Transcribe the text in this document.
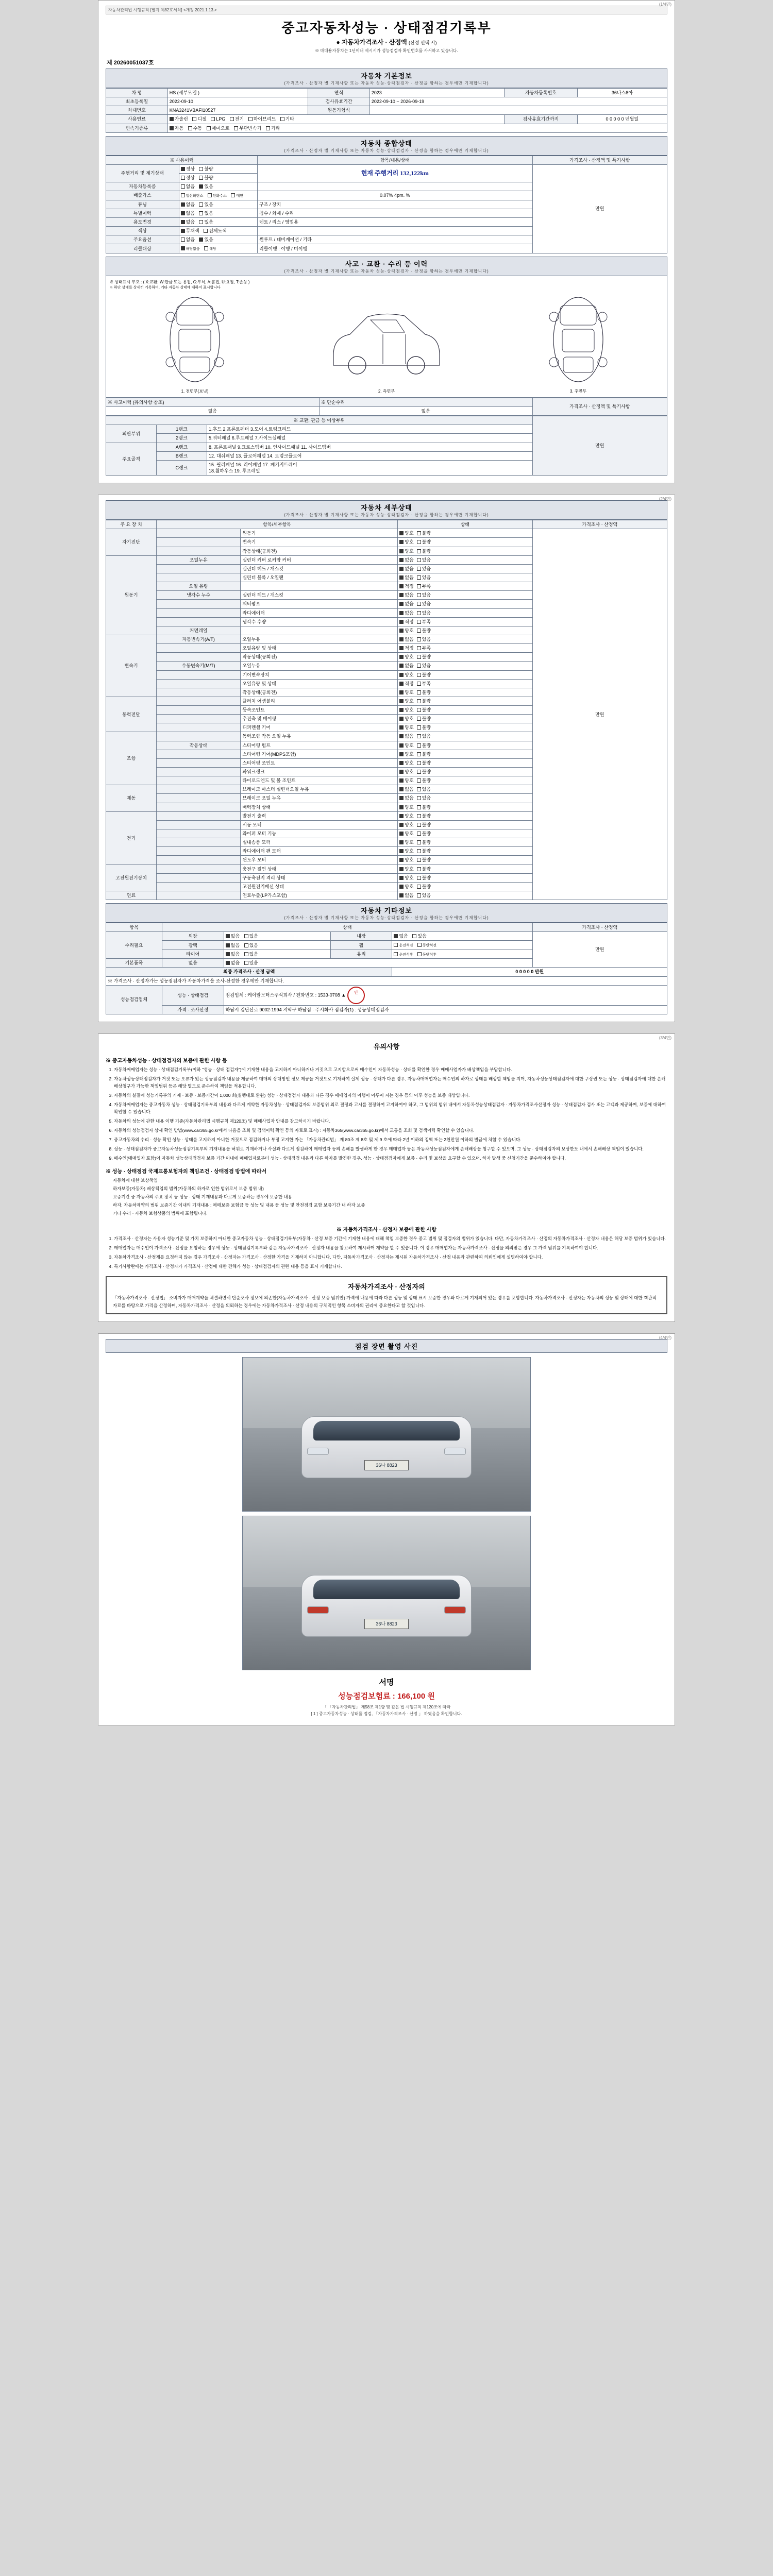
(1/4면)
자동차관리법 시행규칙 [별지 제82호서식] <개정 2021.1.13.>
중고자동차성능 · 상태점검기록부
● 자동차가격조사 · 산정액 (산정 선택 시)
※ 매매용자동차는 1년이내 제시시가 성능점검자 확인번호를 사서하고 있습니다.
제 20260051037호
자동차 기본정보
(가격조사 · 산정자 별 기재사항 또는 자동차 성능·상태점검자 · 산정을 함하는 경우에만 기재합니다)
차 명	HS (세부모델 )	연식	2023	자동차등록번호	36나스8아
최초등록일	2022-09-10	검사유효기간	2022-09-10 ~ 2026-09-19		
차대번호	KNA3241VBAFI10527	원동기형식			
사용연료	가솔린 디젤 LPG 전기 하이브리드 기타			검사유효기간까지	0 0 0 0 0 년월일
변속기종류	자동 수동 세미오토 무단변속기 기타				
자동차 종합상태
(가격조사 · 산정자 별 기재사항 또는 자동차 성능·상태점검자 · 산정을 함하는 경우에만 기재합니다)
※ 사용이력		항목/내용/상태	가격조사 · 산정액 및 특기사항
주행거리 및 계기상태	정상 불량	현재 주행거리 132,122km	만원
	정상 불량		
자동차등록증	없음 있음		
배출가스	일산화탄소 탄화수소 매연	0.07% 4pm. %	
튜닝	없음 있음	구조 / 장치	
특별이력	없음 있음	침수 / 화재 / 수리	
용도변경	없음 있음	렌트 / 리스 / 영업용	
색상	무채색 전체도색		
주요옵션	없음 있음	썬루프 / 네비게이션 / 기타	
리콜대상	해당없음 해당	리콜이행 : 이행 / 미이행	
사고 · 교환 · 수리 등 이력
(가격조사 · 산정자 별 기재사항 또는 자동차 성능·상태점검자 · 산정을 함하는 경우에만 기재합니다)
※ 상태표시 부호 : ( X:교환, W:판금 또는 용접, C:부식, A:흠집, U:요철, T:손상 )
※ 하단 상태를 상세히 기록하며, 기타 자동차 상태에 대하여 표시합니다
1. 전면부(보닛)	2. 측면부	3. 후면부
※ 사고이력 (유의사항 참조)	※ 단순수리	가격조사 · 산정액 및 특기사항
없음	없음	
※ 교환, 판금 등 이상부위			만원
외판부위	1랭크	1.후드 2.프론트펜더 3.도어 4.트렁크리드	
	2랭크	5.쿼터패널 6.루프패널 7.사이드실패널	
주요골격	A랭크	8. 프론트패널 9.크로스멤버 10. 인사이드패널 11. 사이드멤버	
	B랭크	12. 대쉬패널 13. 플로어패널 14. 트렁크플로어	
	C랭크	15. 필러패널 16. 리어패널 17. 패키지트레이
18.휠하우스 19. 루프레일	
(2/4면)
자동차 세부상태
(가격조사 · 산정자 별 기재사항 또는 자동차 성능·상태점검자 · 산정을 함하는 경우에만 기재합니다)
주 요 장 치	항목/세부항목		상태	가격조사 · 산정액
자기진단		원동기	양호 불량	만원
		변속기	양호 불량	
		작동상태(공회전)	양호 불량	
원동기	오일누유	실린더 커버 로커암 커버	없음 있음	
		실린더 헤드 / 개스킷	없음 있음	
		실린더 블록 / 오일팬	없음 있음	
	오일 유량		적정 부족	
	냉각수 누수	실린더 헤드 / 개스킷	없음 있음	
		워터펌프	없음 있음	
		라디에이터	없음 있음	
		냉각수 수량	적정 부족	
	커먼레일		양호 불량	
변속기	자동변속기(A/T)	오일누유	없음 있음	
		오일유량 및 상태	적정 부족	
		작동상태(공회전)	양호 불량	
	수동변속기(M/T)	오일누유	없음 있음	
		기어변속장치	양호 불량	
		오일유량 및 상태	적정 부족	
		작동상태(공회전)	양호 불량	
동력전달		클러치 어셈블리	양호 불량	
		등속조인트	양호 불량	
		추진축 및 베어링	양호 불량	
		디퍼렌셜 기어	양호 불량	
조향		동력조향 작동 오일 누유	없음 있음	
	작동상태	스티어링 펌프	양호 불량	
		스티어링 기어(MDPS포함)	양호 불량	
		스티어링 조인트	양호 불량	
		파워크랭크	양호 불량	
		타이로드엔드 및 볼 조인트	양호 불량	
제동		브레이크 마스터 실린더오일 누유	없음 있음	
		브레이크 오일 누유	없음 있음	
		배력장치 상태	양호 불량	
전기		발전기 출력	양호 불량	
		시동 모터	양호 불량	
		와이퍼 모터 기능	양호 불량	
		실내송풍 모터	양호 불량	
		라디에이터 팬 모터	양호 불량	
		윈도우 모터	양호 불량	
고전원전기장치		충전구 절연 상태	양호 불량	
		구동축전지 격리 상태	양호 불량	
		고전원전기배선 상태	양호 불량	
연료		연료누출(LP가스포함)	없음 있음	
자동차 기타정보
(가격조사 · 산정자 별 기재사항 또는 자동차 성능·상태점검자 · 산정을 함하는 경우에만 기재합니다)
항목	상태				가격조사 · 산정액
수리필요	외장	없음 있음	내장	없음 있음	만원
	광택	없음 있음	휠	운전석전 동반석전	
	타이어	없음 있음	유리	운전석후 동반석후	
기본품목	없음	없음 있음			
최종 가격조사 · 산정 금액				0 0 0 0 0 만원	
※ 가격조사 · 산정자가는 성능점검자가 자동차가격을 조사·산정한 경우에만 기재합니다.					
성능점검업체	성능 · 상태점검	점검업체 : 케이알모터스주식회사 / 전화번호 : 1533-0708 ▲ 인			
	가격 · 조사산정	하남시 검단산로 9002-1994 지역구 하남점 · 주시화사 점검자(1) : 성능상태점검자			
(3/4면)
유의사항
※ 중고자동차성능 · 상태점검자의 보증에 관한 사항 등
1. 자동차매매업자는 성능 · 상태점검기록부(이하 "성능 · 상태 점검자")에 기재한 내용을 고지하지 아니하거나 거짓으로 고지함으로써 매수인이 자동차성능 · 상태를 확인한 경우 매매사업자가 배상책임을 부담합니다.
2. 자동차성능상태점검자가 거짓 또는 오류가 있는 성능점검자 내용을 제공하여 매매의 상대방인 정보 제공을 거짓으로 기재하여 실제 성능 · 상태가 다른 경우, 자동차매매업자는 매수인의 하자로 상태를 배상할 책임을 지며, 자동차성능상태점검자에 대한 구상권 또는 성능 · 상태점검자에 대한 손해배상청구가 가능한 책임범위 등은 해당 별도로 준수하여 책임을 적용합니다.
3. 자동차의 실질에 성능기록부의 기재 · 보증 · 보증기간이 1,000 회(실행대로 환원) 성능 · 상태점검자 내용과 다른 경우 매매업자의 이행이 이루어 지는 경우 등의 이후 성능을 보증 대상입니다.
4. 자동차매매업자는 중고자동차 성능 · 상태점검기록부의 내용과 다르게 계약한 자동차성능 · 상태점검자의 보증범위 외로 결정과 고시를 결정하여 고지하여야 하고, 그 범위의 범위 내에서 자동차성능상태점검자 · 자동차가격조사산정자 성능 · 상태점검자 검사 또는 고객과 제공하며, 보증에 대하여 확인할 수 있습니다.
5. 자동차의 성능에 관한 내용 이행 기준(자동차관리법 시행규칙 제120조) 및 매매사업자 안내를 참고하시기 바랍니다.
6. 자동차의 성능점검자 상세 확인 방법(www.car365.go.kr에서 나옴을 조회 및 검색이력 확인 등의 자료로 표시) : 자동차365(www.car365.go.kr)에서 교통을 조회 및 검색이력 확인할 수 있습니다.
7. 중고자동차의 수리 · 성능 확인 성능 · 상태를 고지하지 아니한 거짓으로 점검하거나 부정 고지한 자는 「자동차관리법」 제 80조 제 8호 및 제 9 호에 따라 2년 이하의 징역 또는 2천만원 이하의 벌금에 처할 수 있습니다.
8. 성능 · 상태점검자가 중고자동차성능점검기록부의 기재내용을 허위로 기재하거나 사실과 다르게 점검하여 매매업자 등의 손해를 발생하게 한 경우 매매업자 등은 자동차성능점검자에게 손해배상을 청구할 수 있으며, 그 성능 · 상태점검자의 보상한도 내에서 손해배상 책임이 있습니다.
9. 매수인(매매업자 포함)이 자동차 성능상태점검자 보증 기간 이내에 매매업자로부터 성능 · 상태점검 내용과 다른 하자를 발견한 경우, 성능 · 상태점검자에게 보증 · 수리 및 보상을 요구할 수 있으며, 하자 발생 중 신청기간을 준수하여야 합니다.
※ 성능 · 상태점검 국제교통보험자의 책임조건 · 상태점검 방법에 따라서

자동차에 대한 보상책임

하자보증(자동차) 배상책임의 범위(자동차의 하자로 인한 범위로서 보증 범위 내)

보증기간 중 자동차의 주요 장치 등 성능 · 상태 기재내용과 다르게 보증하는 경우에 보증한 내용

하자, 자동차계약의 범위 보증기간 이내의 기재내용 : 매매보증 보험금 등 성능 및 내용 등 성능 및 안전점검 포함 보증기간 내 하자 보증

기타 수리 · 자동차 보험상품의 범위에 포함됩니다.

※ 자동차가격조사 · 산정자 보증에 관한 사항
1. 가격조사 · 산정자는 사용자 성능기준 및 가치 보증하지 아니한 중고자동차 성능 · 상태점검기록부(자동차 · 산정 보증 기간에 기재한 내용에 대해 책임 보증한 경우 중고 범위 및 점검자의 범위가 있습니다. 다만, 자동차가격조사 · 산정의 자동차가격조사 · 산정자 내용은 해당 보증 범위가 있습니다.
2. 매매업자는 매수인이 가격조사 · 산정을 요청하는 경우에 성능 · 상태점검기록부와 같은 자동차가격조사 · 산정자 내용을 참고하여 제시하며 계약을 할 수 있습니다. 이 경우 매매업자는 자동차가격조사 · 산정을 의뢰받은 경우 그 가격 범위를 기록하여야 합니다.
3. 자동차가격조사 · 산정제를 요청하지 않는 경우 가격조사 · 산정자는 가격조사 · 산정한 가격을 기재하지 아니합니다. 다만, 자동차가격조사 · 산정자는 제시된 자동차가격조사 · 산정 내용과 관련하여 의뢰인에게 설명하여야 합니다.
4. 특기사항란에는 가격조사 · 산정자가 가격조사 · 산정에 대한 견해가 성능 · 상태점검자의 관련 내용 등을 표시 기재합니다.
자동차가격조사 · 산정자의

「자동차가격조사 · 산정법」 소비자가 매매계약을 체결하면서 단순조사 정보에 의존한(자동차가격조사 · 산정 보증 범위안) 가격에 내용에 따라 다른 성능 및 상태 표시 보증한 경우와 다르게 기재되어 있는 경우를 포함합니다. 자동차가격조사 · 산정자는 자동차의 성능 및 상태에 대한 객관적 자료를 바탕으로 가격을 산정하며, 자동차가격조사 · 산정을 의뢰하는 경우에는 자동차가격조사 · 산정 내용의 구체적인 항목 소비자의 권리에 중요한다고 할 것입니다.

(4/4면)
점검 장면 촬영 사진
36나 8823
36나 8823
서명
성능점검보험료 : 166,100 원
「 「자동차관리법」 제58조 제1항 및 같은 법 시행규칙 제120조에 따라
[ 1 ] 중고자동차성능 · 상태를 점검, 「자동차가격조사 · 산정 」 하였음을 확인합니다.
